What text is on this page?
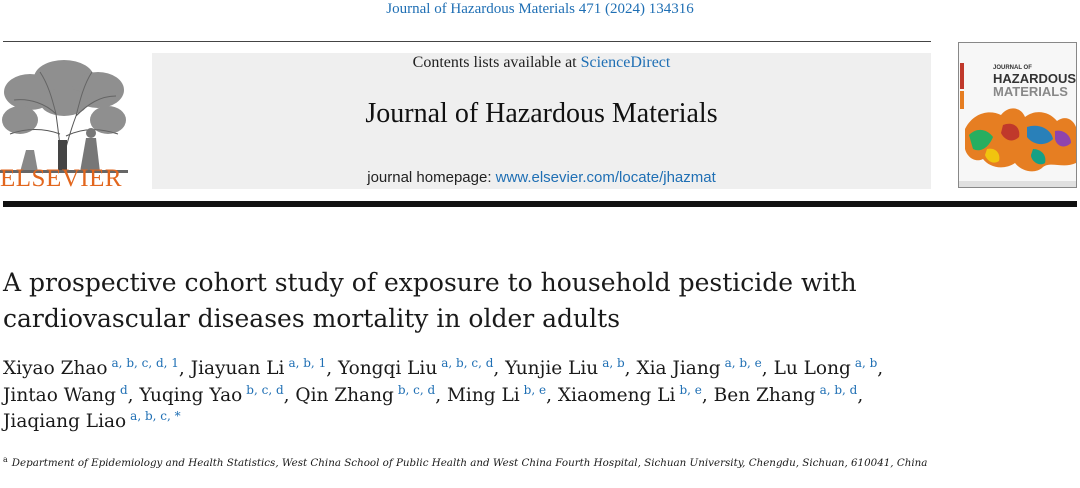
Journal of Hazardous Materials 471 (2024) 134316
ELSEVIER
Contents lists available at ScienceDirect
Journal of Hazardous Materials
journal homepage: www.elsevier.com/locate/jhazmat
JOURNAL OF
HAZARDOUS
MATERIALS
A prospective cohort study of exposure to household pesticide with
cardiovascular diseases mortality in older adults

Xiyao Zhao $^{a, b, c, d, 1}$, Jiayuan Li $^{a, b, 1}$, Yongqi Liu $^{a, b, c, d}$, Yunjie Liu $^{a, b}$, Xia Jiang $^{a, b, e}$, Lu Long $^{a, b}$,
Jintao Wang $^d$, Yuqing Yao $^{b, c, d}$, Qin Zhang $^{b, c, d}$, Ming Li $^{b, e}$, Xiaomeng Li $^{b, e}$, Ben Zhang $^{a, b, d}$,
Jiaqiang Liao $^{a, b, c, *}$

$^a$ Department of Epidemiology and Health Statistics, West China School of Public Health and West China Fourth Hospital, Sichuan University, Chengdu, Sichuan, 610041, China
